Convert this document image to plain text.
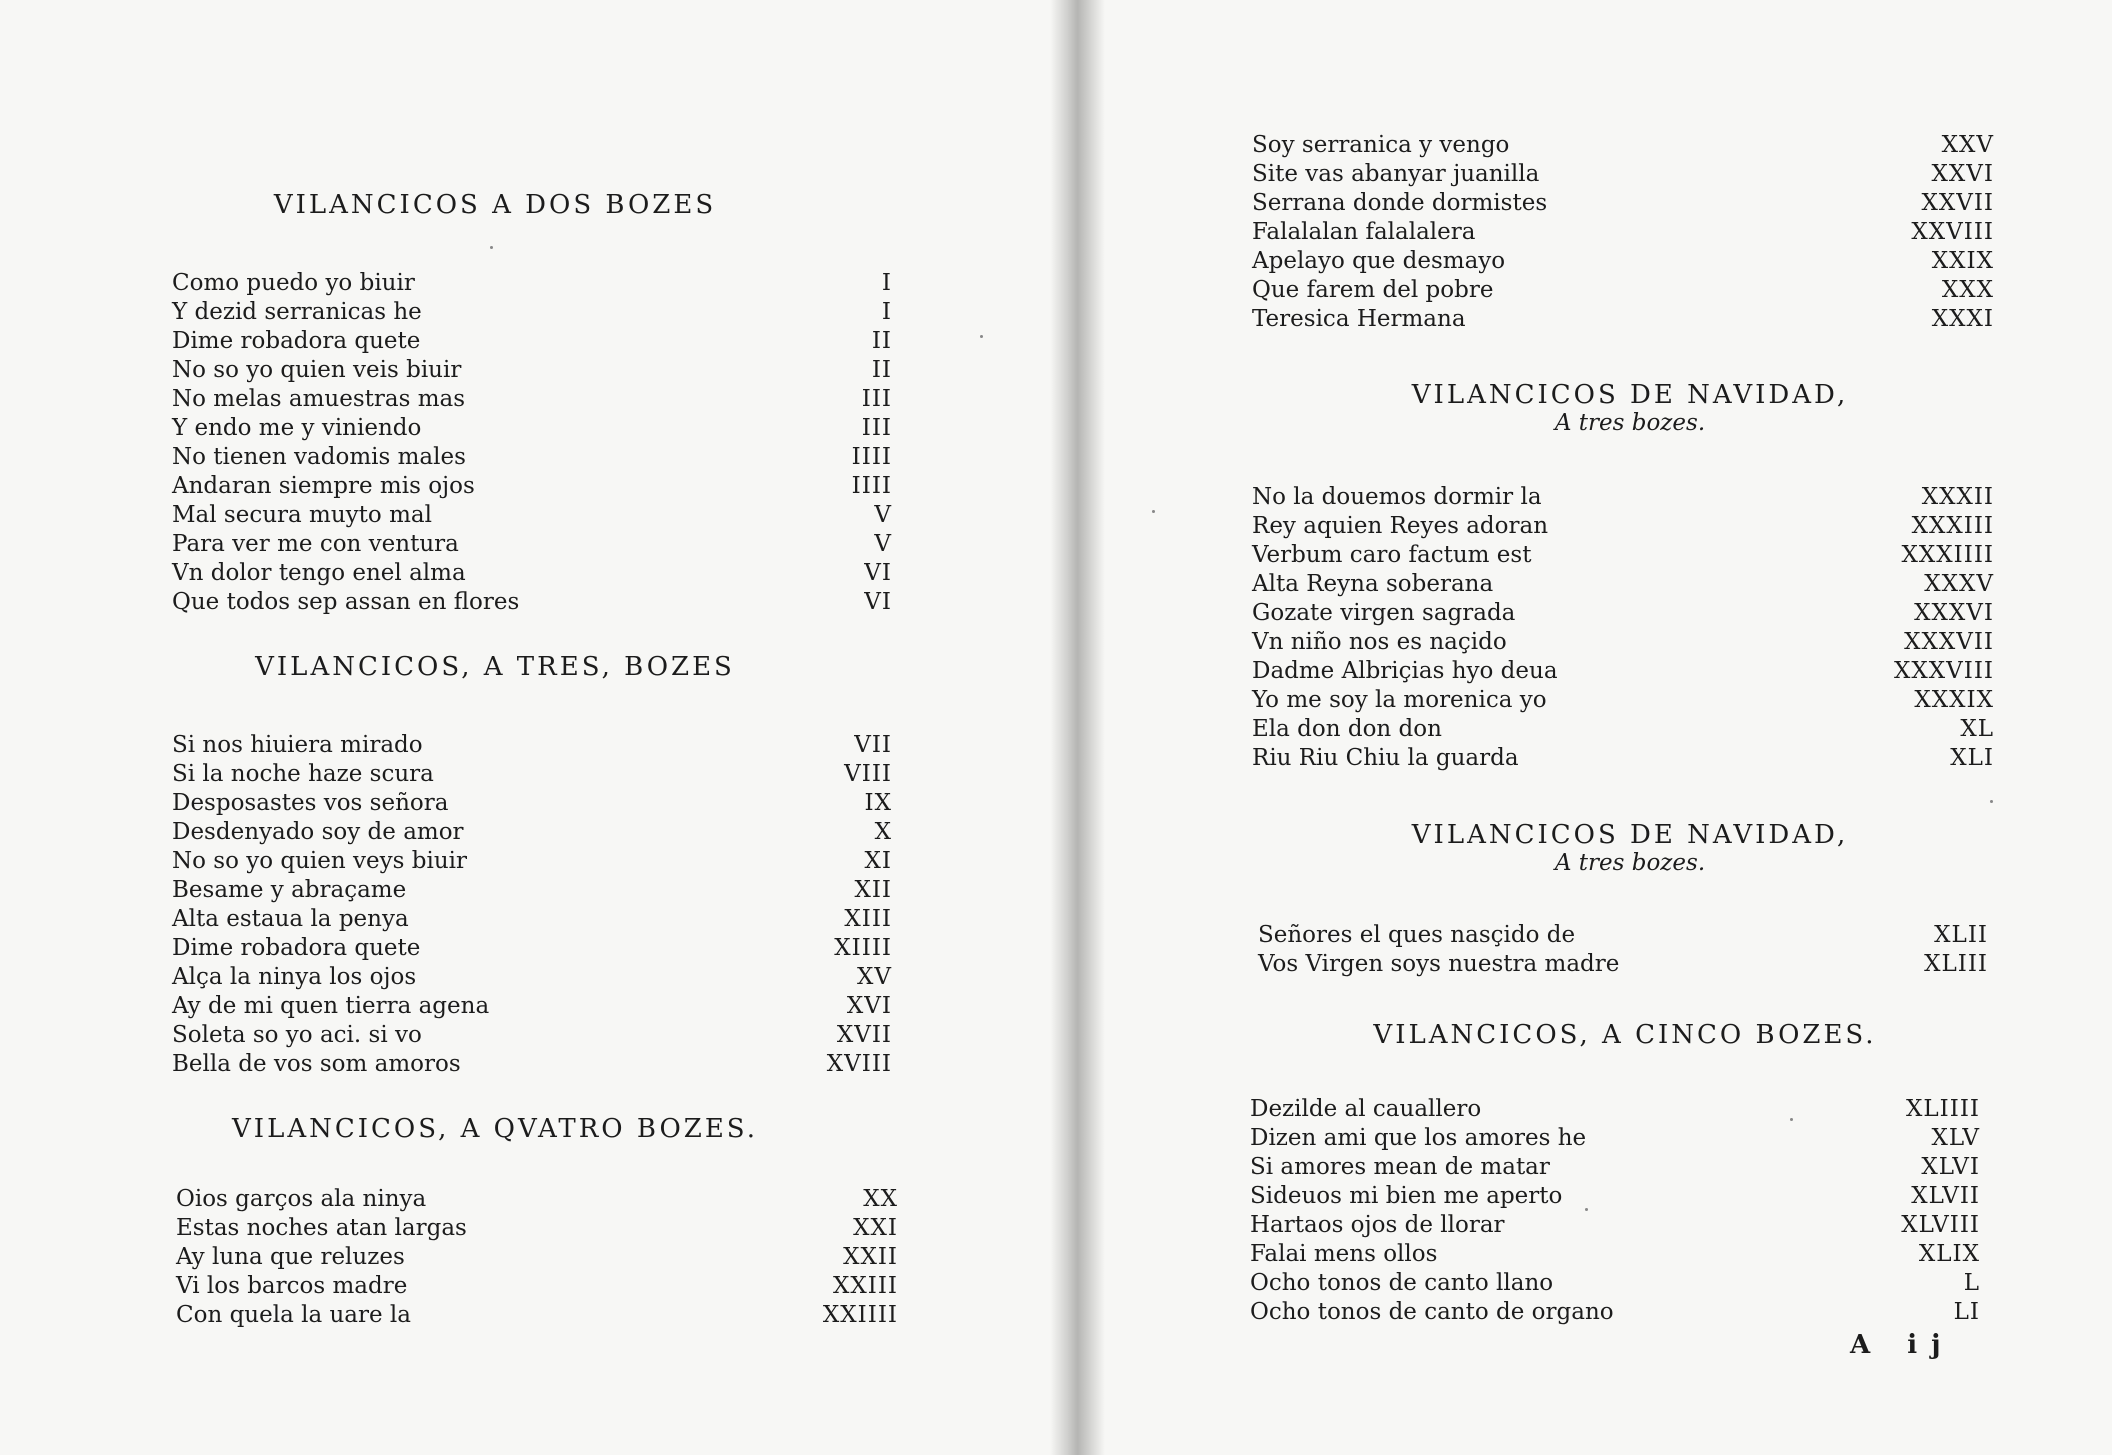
VILANCICOS A DOS BOZES
Como puedo yo biuir	I
Y dezid serranicas he	I
Dime robadora quete	II
No so yo quien veis biuir	II
No melas amuestras mas	III
Y endo me y viniendo	III
No tienen vadomis males	IIII
Andaran siempre mis ojos	IIII
Mal secura muyto mal	V
Para ver me con ventura	V
Vn dolor tengo enel alma	VI
Que todos sep assan en flores	VI
VILANCICOS, A TRES, BOZES
Si nos hiuiera mirado	VII
Si la noche haze scura	VIII
Desposastes vos señora	IX
Desdenyado soy de amor	X
No so yo quien veys biuir	XI
Besame y abraçame	XII
Alta estaua la penya	XIII
Dime robadora quete	XIIII
Alça la ninya los ojos	XV
Ay de mi quen tierra agena	XVI
Soleta so yo aci. si vo	XVII
Bella de vos som amoros	XVIII
VILANCICOS, A QVATRO BOZES.
Oios garços ala ninya	XX
Estas noches atan largas	XXI
Ay luna que reluzes	XXII
Vi los barcos madre	XXIII
Con quela la uare la	XXIIII
Soy serranica y vengo	XXV
Site vas abanyar juanilla	XXVI
Serrana donde dormistes	XXVII
Falalalan falalalera	XXVIII
Apelayo que desmayo	XXIX
Que farem del pobre	XXX
Teresica Hermana	XXXI
VILANCICOS DE NAVIDAD,
A tres bozes.
No la douemos dormir la	XXXII
Rey aquien Reyes adoran	XXXIII
Verbum caro factum est	XXXIIII
Alta Reyna soberana	XXXV
Gozate virgen sagrada	XXXVI
Vn niño nos es naçido	XXXVII
Dadme Albriçias hyo deua	XXXVIII
Yo me soy la morenica yo	XXXIX
Ela don don don	XL
Riu Riu Chiu la guarda	XLI
VILANCICOS DE NAVIDAD,
A tres bozes.
Señores el ques nasçido de	XLII
Vos Virgen soys nuestra madre	XLIII
VILANCICOS, A CINCO BOZES.
Dezilde al cauallero	XLIIII
Dizen ami que los amores he	XLV
Si amores mean de matar	XLVI
Sideuos mi bien me aperto	XLVII
Hartaos ojos de llorar	XLVIII
Falai mens ollos	XLIX
Ocho tonos de canto llano	L
Ocho tonos de canto de organo	LI
A ij
